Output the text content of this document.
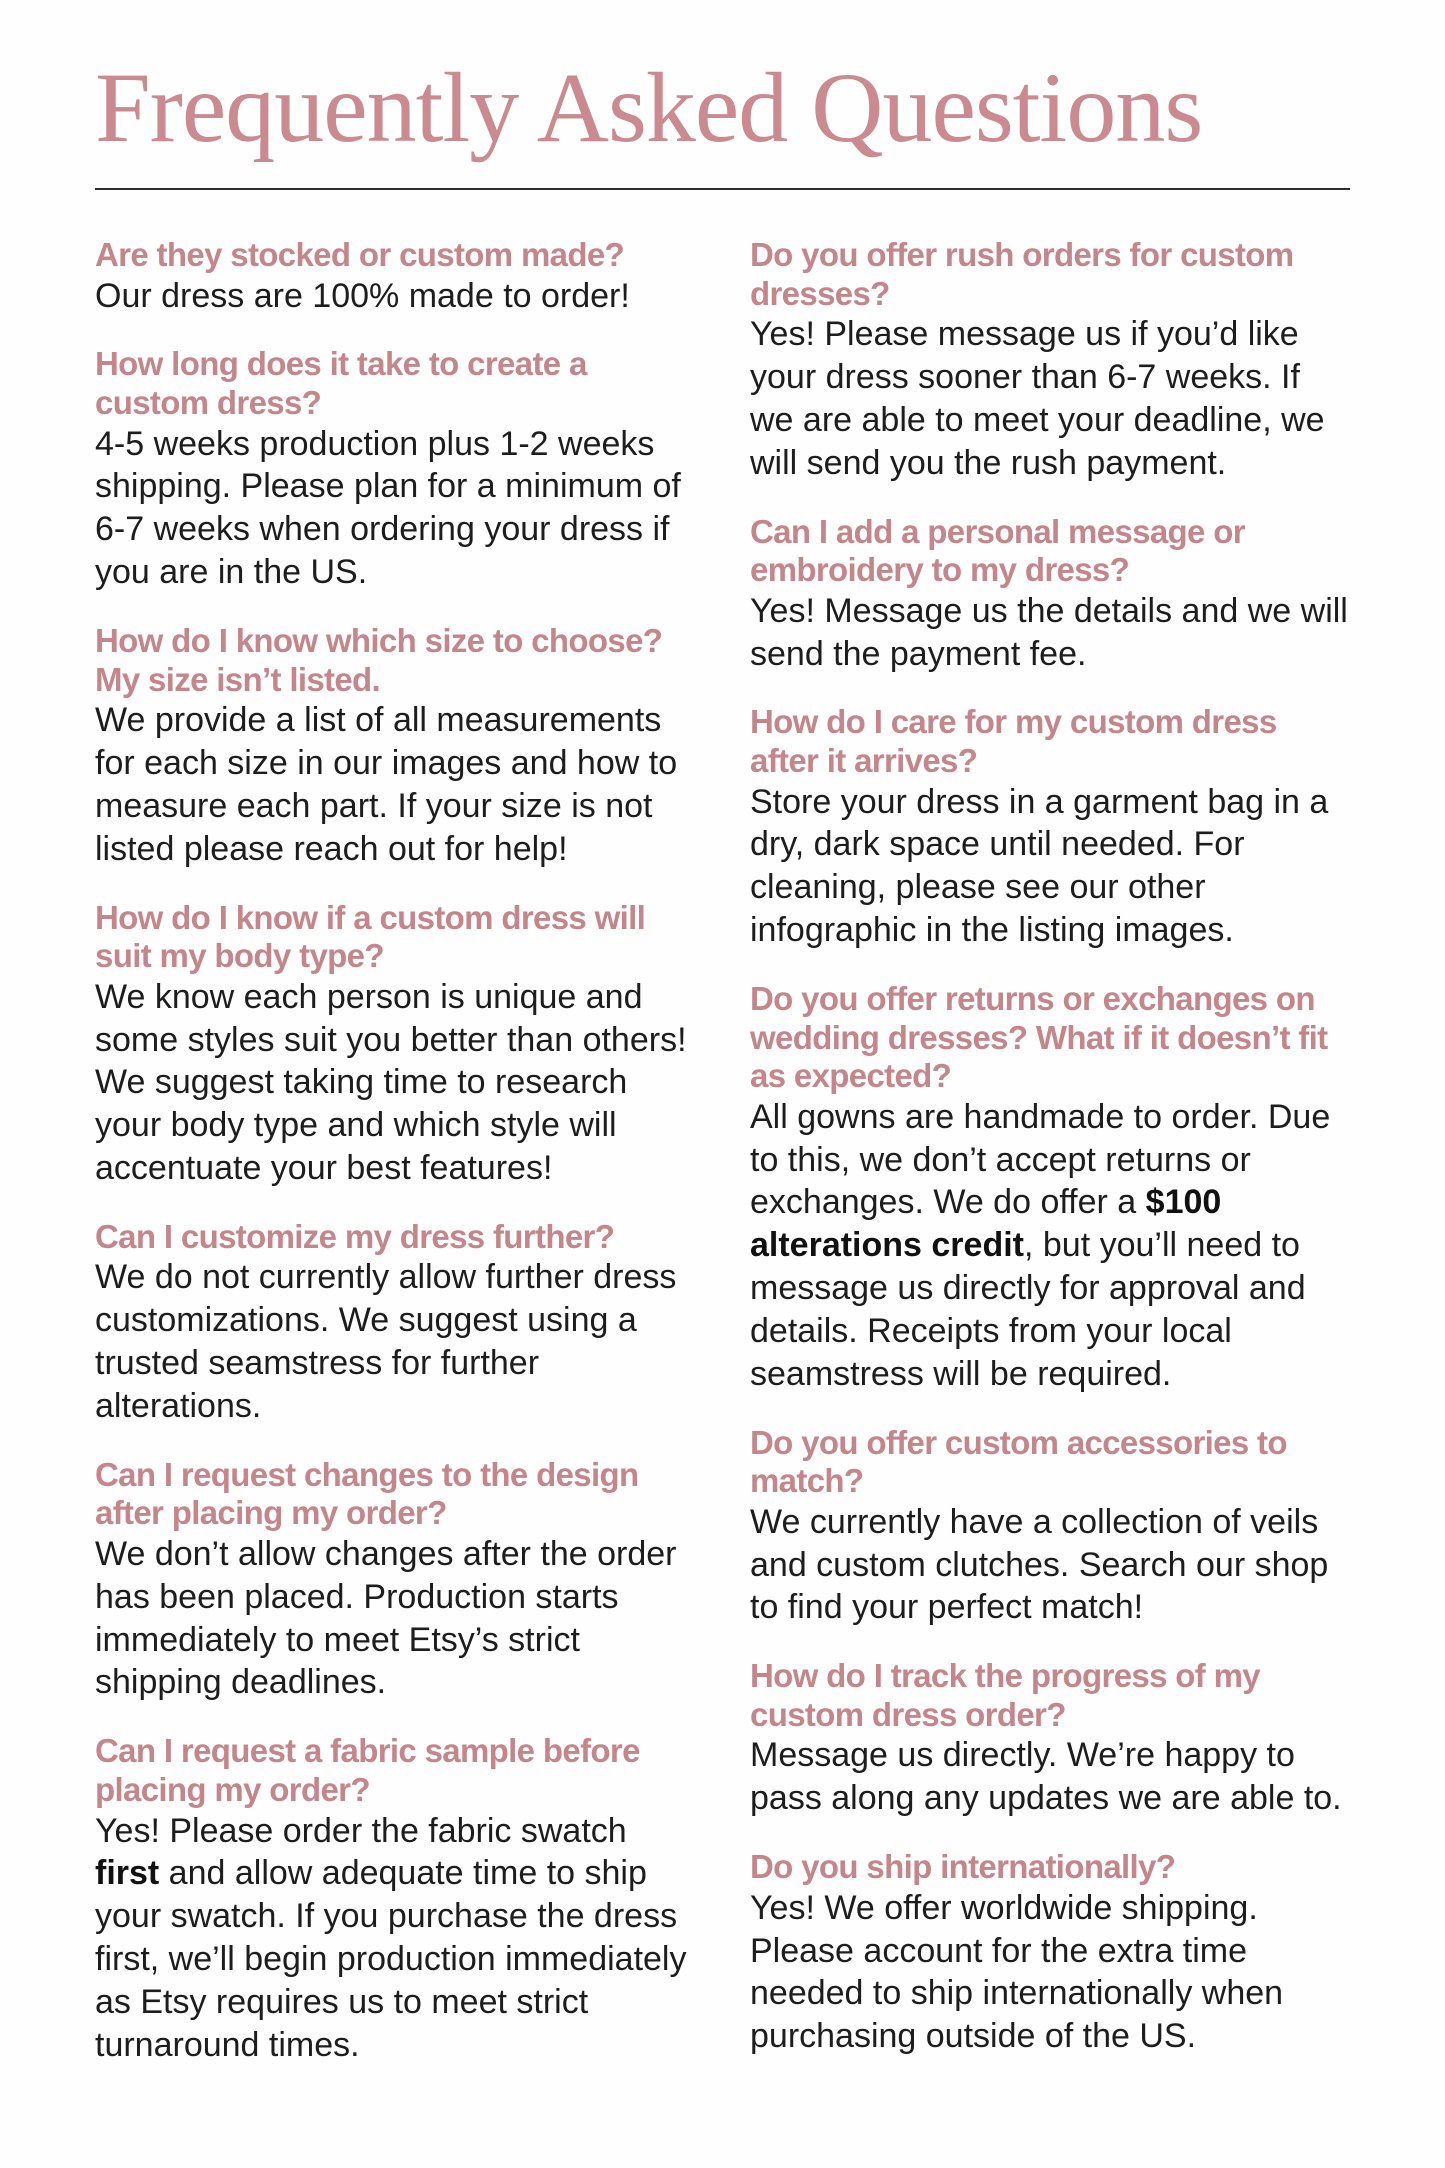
Frequently Asked Questions

Are they stocked or custom made?

Our dress are 100% made to order!

How long does it take to create a custom dress?

4-5 weeks production plus 1-2 weeks shipping. Please plan for a minimum of 6-7 weeks when ordering your dress if you are in the US.

How do I know which size to choose? My size isn’t listed.

We provide a list of all measurements for each size in our images and how to measure each part. If your size is not listed please reach out for help!

How do I know if a custom dress will suit my body type?

We know each person is unique and some styles suit you better than others! We suggest taking time to research your body type and which style will accentuate your best features!

Can I customize my dress further?

We do not currently allow further dress customizations. We suggest using a trusted seamstress for further alterations.

Can I request changes to the design after placing my order?

We don’t allow changes after the order has been placed. Production starts immediately to meet Etsy’s strict shipping deadlines.

Can I request a fabric sample before placing my order?

Yes! Please order the fabric swatch first and allow adequate time to ship your swatch. If you purchase the dress first, we’ll begin production immediately as Etsy requires us to meet strict turnaround times.

Do you offer rush orders for custom dresses?

Yes! Please message us if you’d like your dress sooner than 6-7 weeks. If we are able to meet your deadline, we will send you the rush payment.

Can I add a personal message or embroidery to my dress?

Yes! Message us the details and we will send the payment fee.

How do I care for my custom dress after it arrives?

Store your dress in a garment bag in a dry, dark space until needed. For cleaning, please see our other infographic in the listing images.

Do you offer returns or exchanges on wedding dresses? What if it doesn’t fit as expected?

All gowns are handmade to order. Due to this, we don’t accept returns or exchanges. We do offer a $100 alterations credit, but you’ll need to message us directly for approval and details. Receipts from your local seamstress will be required.

Do you offer custom accessories to match?

We currently have a collection of veils and custom clutches. Search our shop to find your perfect match!

How do I track the progress of my custom dress order?

Message us directly. We’re happy to pass along any updates we are able to.

Do you ship internationally?

Yes! We offer worldwide shipping. Please account for the extra time needed to ship internationally when purchasing outside of the US.
